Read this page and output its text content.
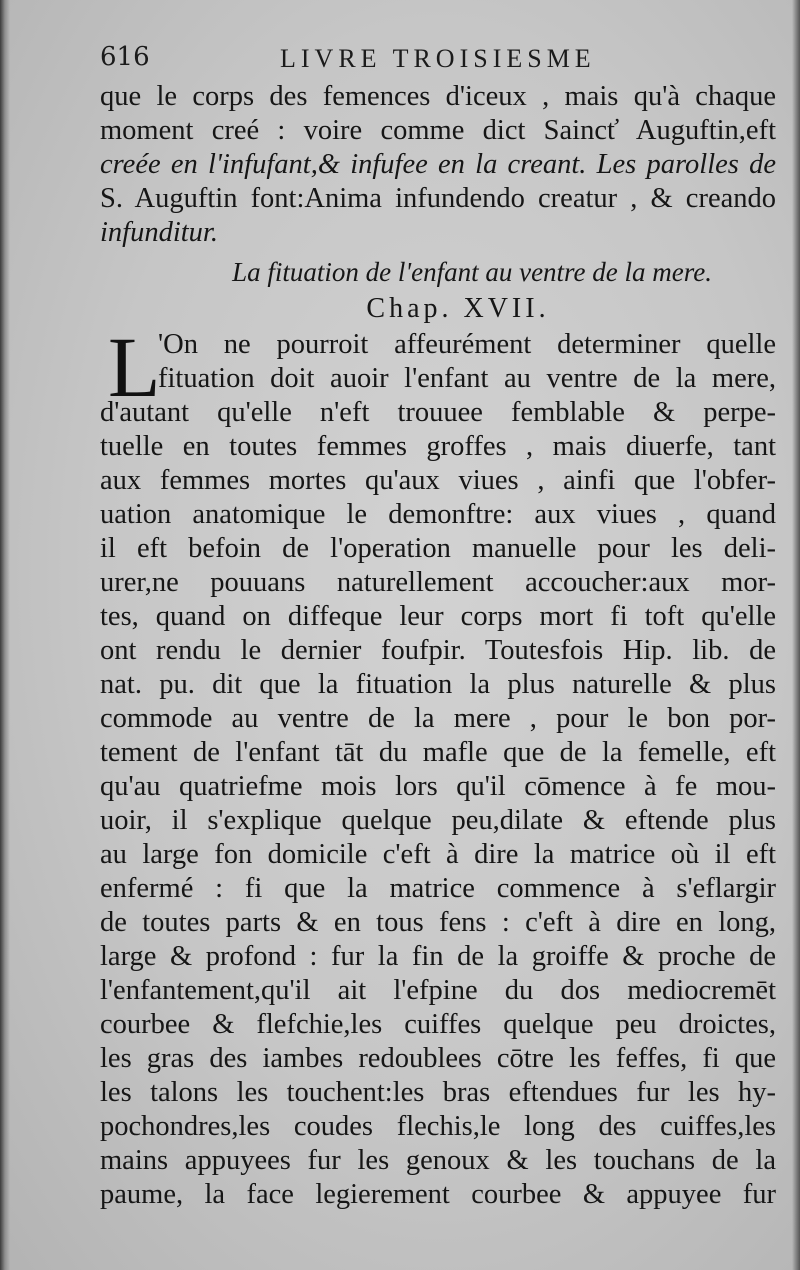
616	LIVRE TROISIESME
que le corps des femences d'iceux , mais qu'à chaque
moment creé : voire comme dict Saincť Auguftin,eft
creée en l'infufant,& infufee en la creant. Les parolles de
S. Auguftin font:Anima infundendo creatur , & creando
infunditur.
La fituation de l'enfant au ventre de la mere.
Chap. XVII.
L
'On ne pourroit affeurément determiner quelle
fituation doit auoir l'enfant au ventre de la mere,
d'autant qu'elle n'eft trouuee femblable & perpe-
tuelle en toutes femmes groffes , mais diuerfe, tant
aux femmes mortes qu'aux viues , ainfi que l'obfer-
uation anatomique le demonftre: aux viues , quand
il eft befoin de l'operation manuelle pour les deli-
urer,ne pouuans naturellement accoucher:aux mor-
tes, quand on diffeque leur corps mort fi toft qu'elle
ont rendu le dernier foufpir. Toutesfois Hip. lib. de
nat. pu. dit que la fituation la plus naturelle & plus
commode au ventre de la mere , pour le bon por-
tement de l'enfant tāt du mafle que de la femelle, eft
qu'au quatriefme mois lors qu'il cōmence à fe mou-
uoir, il s'explique quelque peu,dilate & eftende plus
au large fon domicile c'eft à dire la matrice où il eft
enfermé : fi que la matrice commence à s'eflargir
de toutes parts & en tous fens : c'eft à dire en long,
large & profond : fur la fin de la groiffe & proche de
l'enfantement,qu'il ait l'efpine du dos mediocremēt
courbee & flefchie,les cuiffes quelque peu droictes,
les gras des iambes redoublees cōtre les feffes, fi que
les talons les touchent:les bras eftendues fur les hy-
pochondres,les coudes flechis,le long des cuiffes,les
mains appuyees fur les genoux & les touchans de la
paume, la face legierement courbee & appuyee fur
